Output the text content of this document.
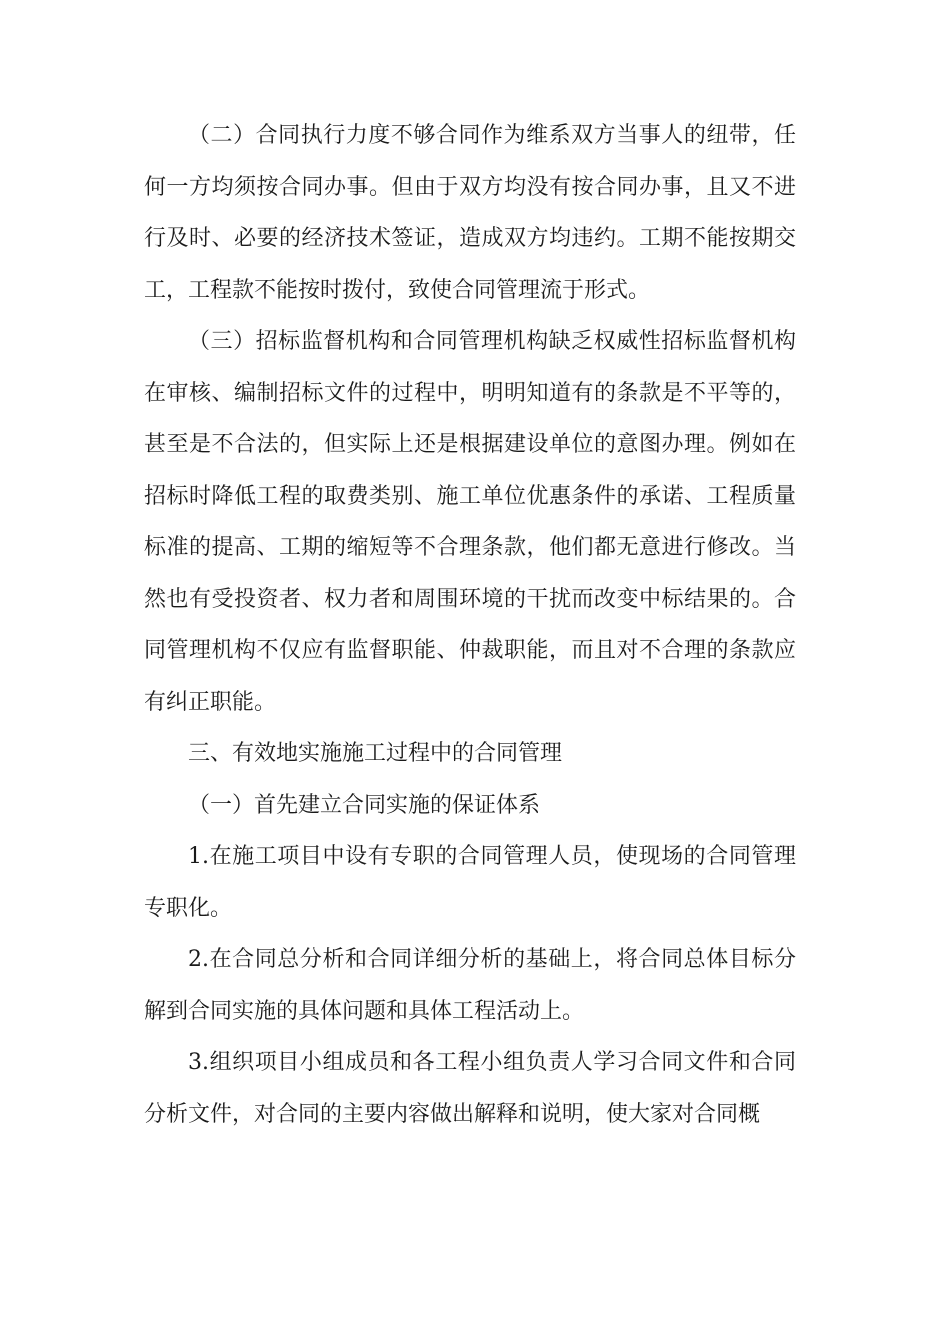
（二）合同执行力度不够合同作为维系双方当事人的纽带，任何一方均须按合同办事。但由于双方均没有按合同办事，且又不进行及时、必要的经济技术签证，造成双方均违约。工期不能按期交工，工程款不能按时拨付，致使合同管理流于形式。

（三）招标监督机构和合同管理机构缺乏权威性招标监督机构在审核、编制招标文件的过程中，明明知道有的条款是不平等的，甚至是不合法的，但实际上还是根据建设单位的意图办理。例如在招标时降低工程的取费类别、施工单位优惠条件的承诺、工程质量标准的提高、工期的缩短等不合理条款，他们都无意进行修改。当然也有受投资者、权力者和周围环境的干扰而改变中标结果的。合同管理机构不仅应有监督职能、仲裁职能，而且对不合理的条款应有纠正职能。

三、有效地实施施工过程中的合同管理

（一）首先建立合同实施的保证体系

1.在施工项目中设有专职的合同管理人员，使现场的合同管理专职化。

2.在合同总分析和合同详细分析的基础上，将合同总体目标分解到合同实施的具体问题和具体工程活动上。

3.组织项目小组成员和各工程小组负责人学习合同文件和合同分析文件，对合同的主要内容做出解释和说明，使大家对合同概
